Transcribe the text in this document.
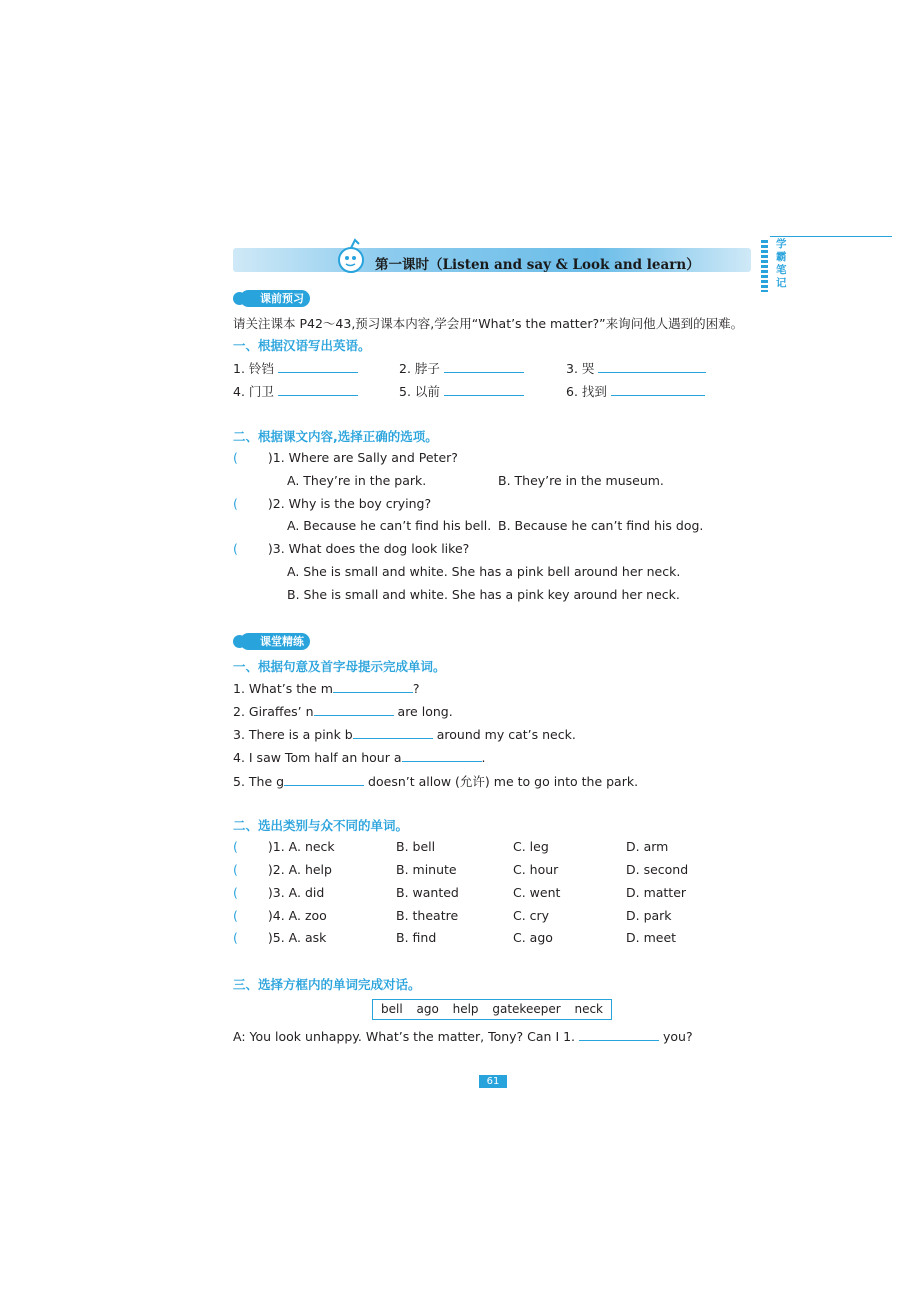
学霸笔记
第一课时（Listen and say & Look and learn）
课前预习
请关注课本 P42～43,预习课本内容,学会用“What’s the matter?”来询问他人遇到的困难。
一、根据汉语写出英语。
1. 铃铛	2. 脖子	3. 哭
4. 门卫	5. 以前	6. 找到
二、根据课文内容,选择正确的选项。
( )1. Where are Sally and Peter?
A. They’re in the park.	B. They’re in the museum.
( )2. Why is the boy crying?
A. Because he can’t find his bell. B. Because he can’t find his dog.
( )3. What does the dog look like?
A. She is small and white. She has a pink bell around her neck.
B. She is small and white. She has a pink key around her neck.
课堂精练
一、根据句意及首字母提示完成单词。
1. What’s the m	?
2. Giraffes’ n	are long.
3. There is a pink b	around my cat’s neck.
4. I saw Tom half an hour a	.
5. The g	doesn’t allow (允许) me to go into the park.
二、选出类别与众不同的单词。
( )1. A. neck	B. bell	C. leg	D. arm
( )2. A. help	B. minute	C. hour	D. second
( )3. A. did	B. wanted	C. went	D. matter
( )4. A. zoo	B. theatre	C. cry	D. park
( )5. A. ask	B. find	C. ago	D. meet
三、选择方框内的单词完成对话。
bell ago help gatekeeper neck
A: You look unhappy. What’s the matter, Tony? Can I 1.	you?
61
